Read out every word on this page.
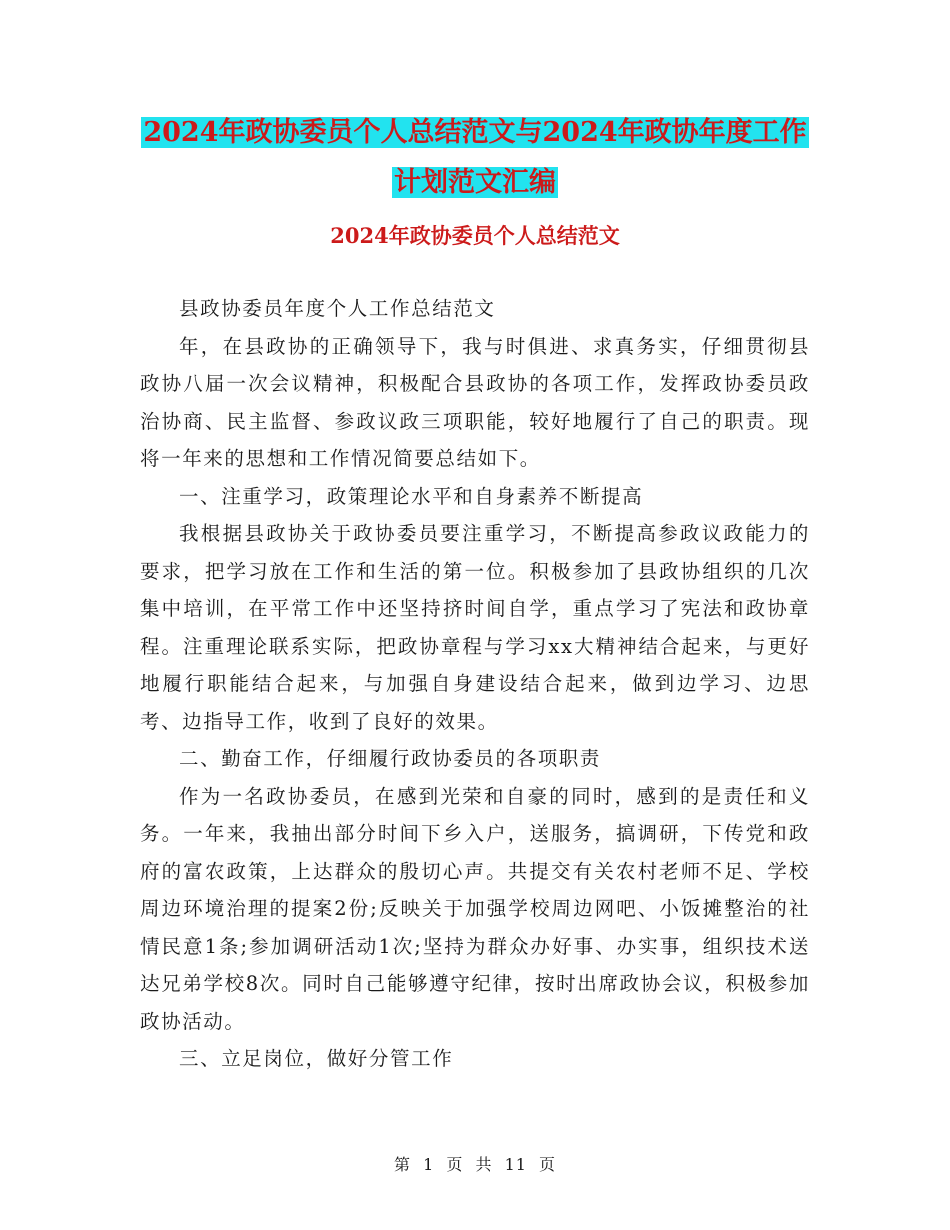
2024年政协委员个人总结范文与2024年政协年度工作
计划范文汇编
2024年政协委员个人总结范文

县政协委员年度个人工作总结范文

年，在县政协的正确领导下，我与时俱进、求真务实，仔细贯彻县政协八届一次会议精神，积极配合县政协的各项工作，发挥政协委员政治协商、民主监督、参政议政三项职能，较好地履行了自己的职责。现将一年来的思想和工作情况简要总结如下。

一、注重学习，政策理论水平和自身素养不断提高

我根据县政协关于政协委员要注重学习，不断提高参政议政能力的要求，把学习放在工作和生活的第一位。积极参加了县政协组织的几次集中培训，在平常工作中还坚持挤时间自学，重点学习了宪法和政协章程。注重理论联系实际，把政协章程与学习xx大精神结合起来，与更好地履行职能结合起来，与加强自身建设结合起来，做到边学习、边思考、边指导工作，收到了良好的效果。

二、勤奋工作，仔细履行政协委员的各项职责

作为一名政协委员，在感到光荣和自豪的同时，感到的是责任和义务。一年来，我抽出部分时间下乡入户，送服务，搞调研，下传党和政府的富农政策，上达群众的殷切心声。共提交有关农村老师不足、学校周边环境治理的提案2份;反映关于加强学校周边网吧、小饭摊整治的社情民意1条;参加调研活动1次;坚持为群众办好事、办实事，组织技术送达兄弟学校8次。同时自己能够遵守纪律，按时出席政协会议，积极参加政协活动。

三、立足岗位，做好分管工作

第 1 页 共 11 页
